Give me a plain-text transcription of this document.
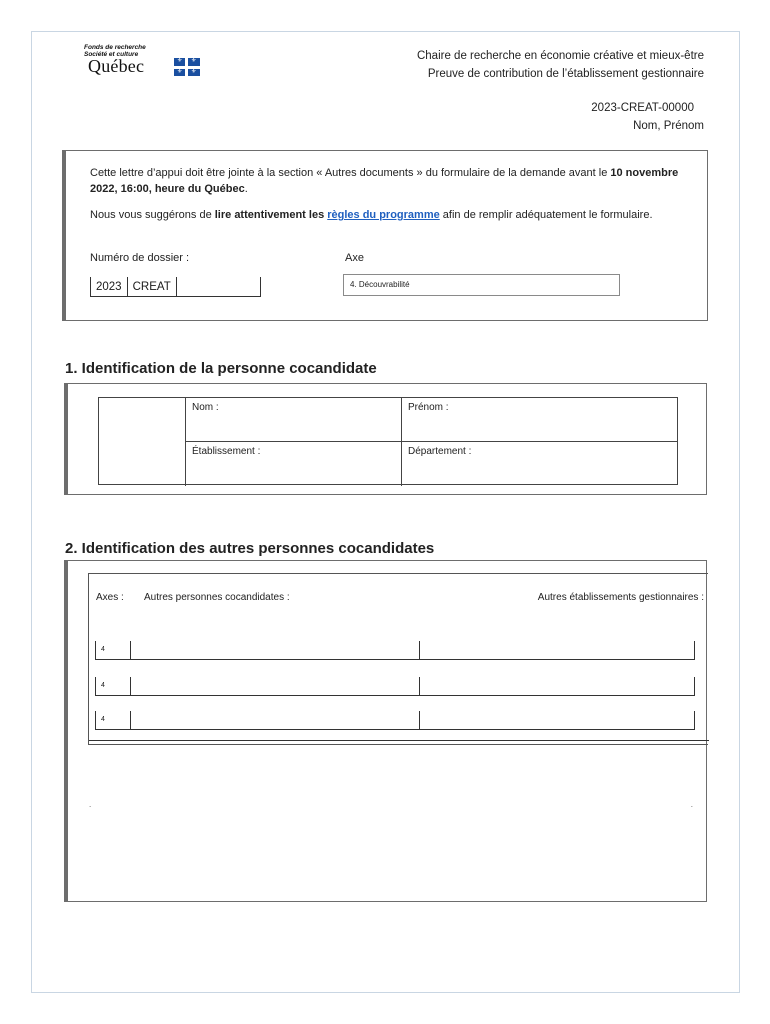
Fonds de recherche
Société et culture
Québec	⚜ ⚜
⚜ ⚜
Chaire de recherche en économie créative et mieux-être
Preuve de contribution de l’établissement gestionnaire
2023-CREAT-00000
Nom, Prénom

Cette lettre d’appui doit être jointe à la section « Autres documents » du formulaire de la demande avant le 10 novembre 2022, 16:00, heure du Québec.

Nous vous suggérons de lire attentivement les règles du programme afin de remplir adéquatement le formulaire.

Numéro de dossier :	Axe
2023 CREAT	4. Découvrabilité
1. Identification de la personne cocandidate
Nom :	Prénom :
Établissement :	Département :
2. Identification des autres personnes cocandidates
Axes : Autres personnes cocandidates :	Autres établissements gestionnaires :
4
4
4
.	.
